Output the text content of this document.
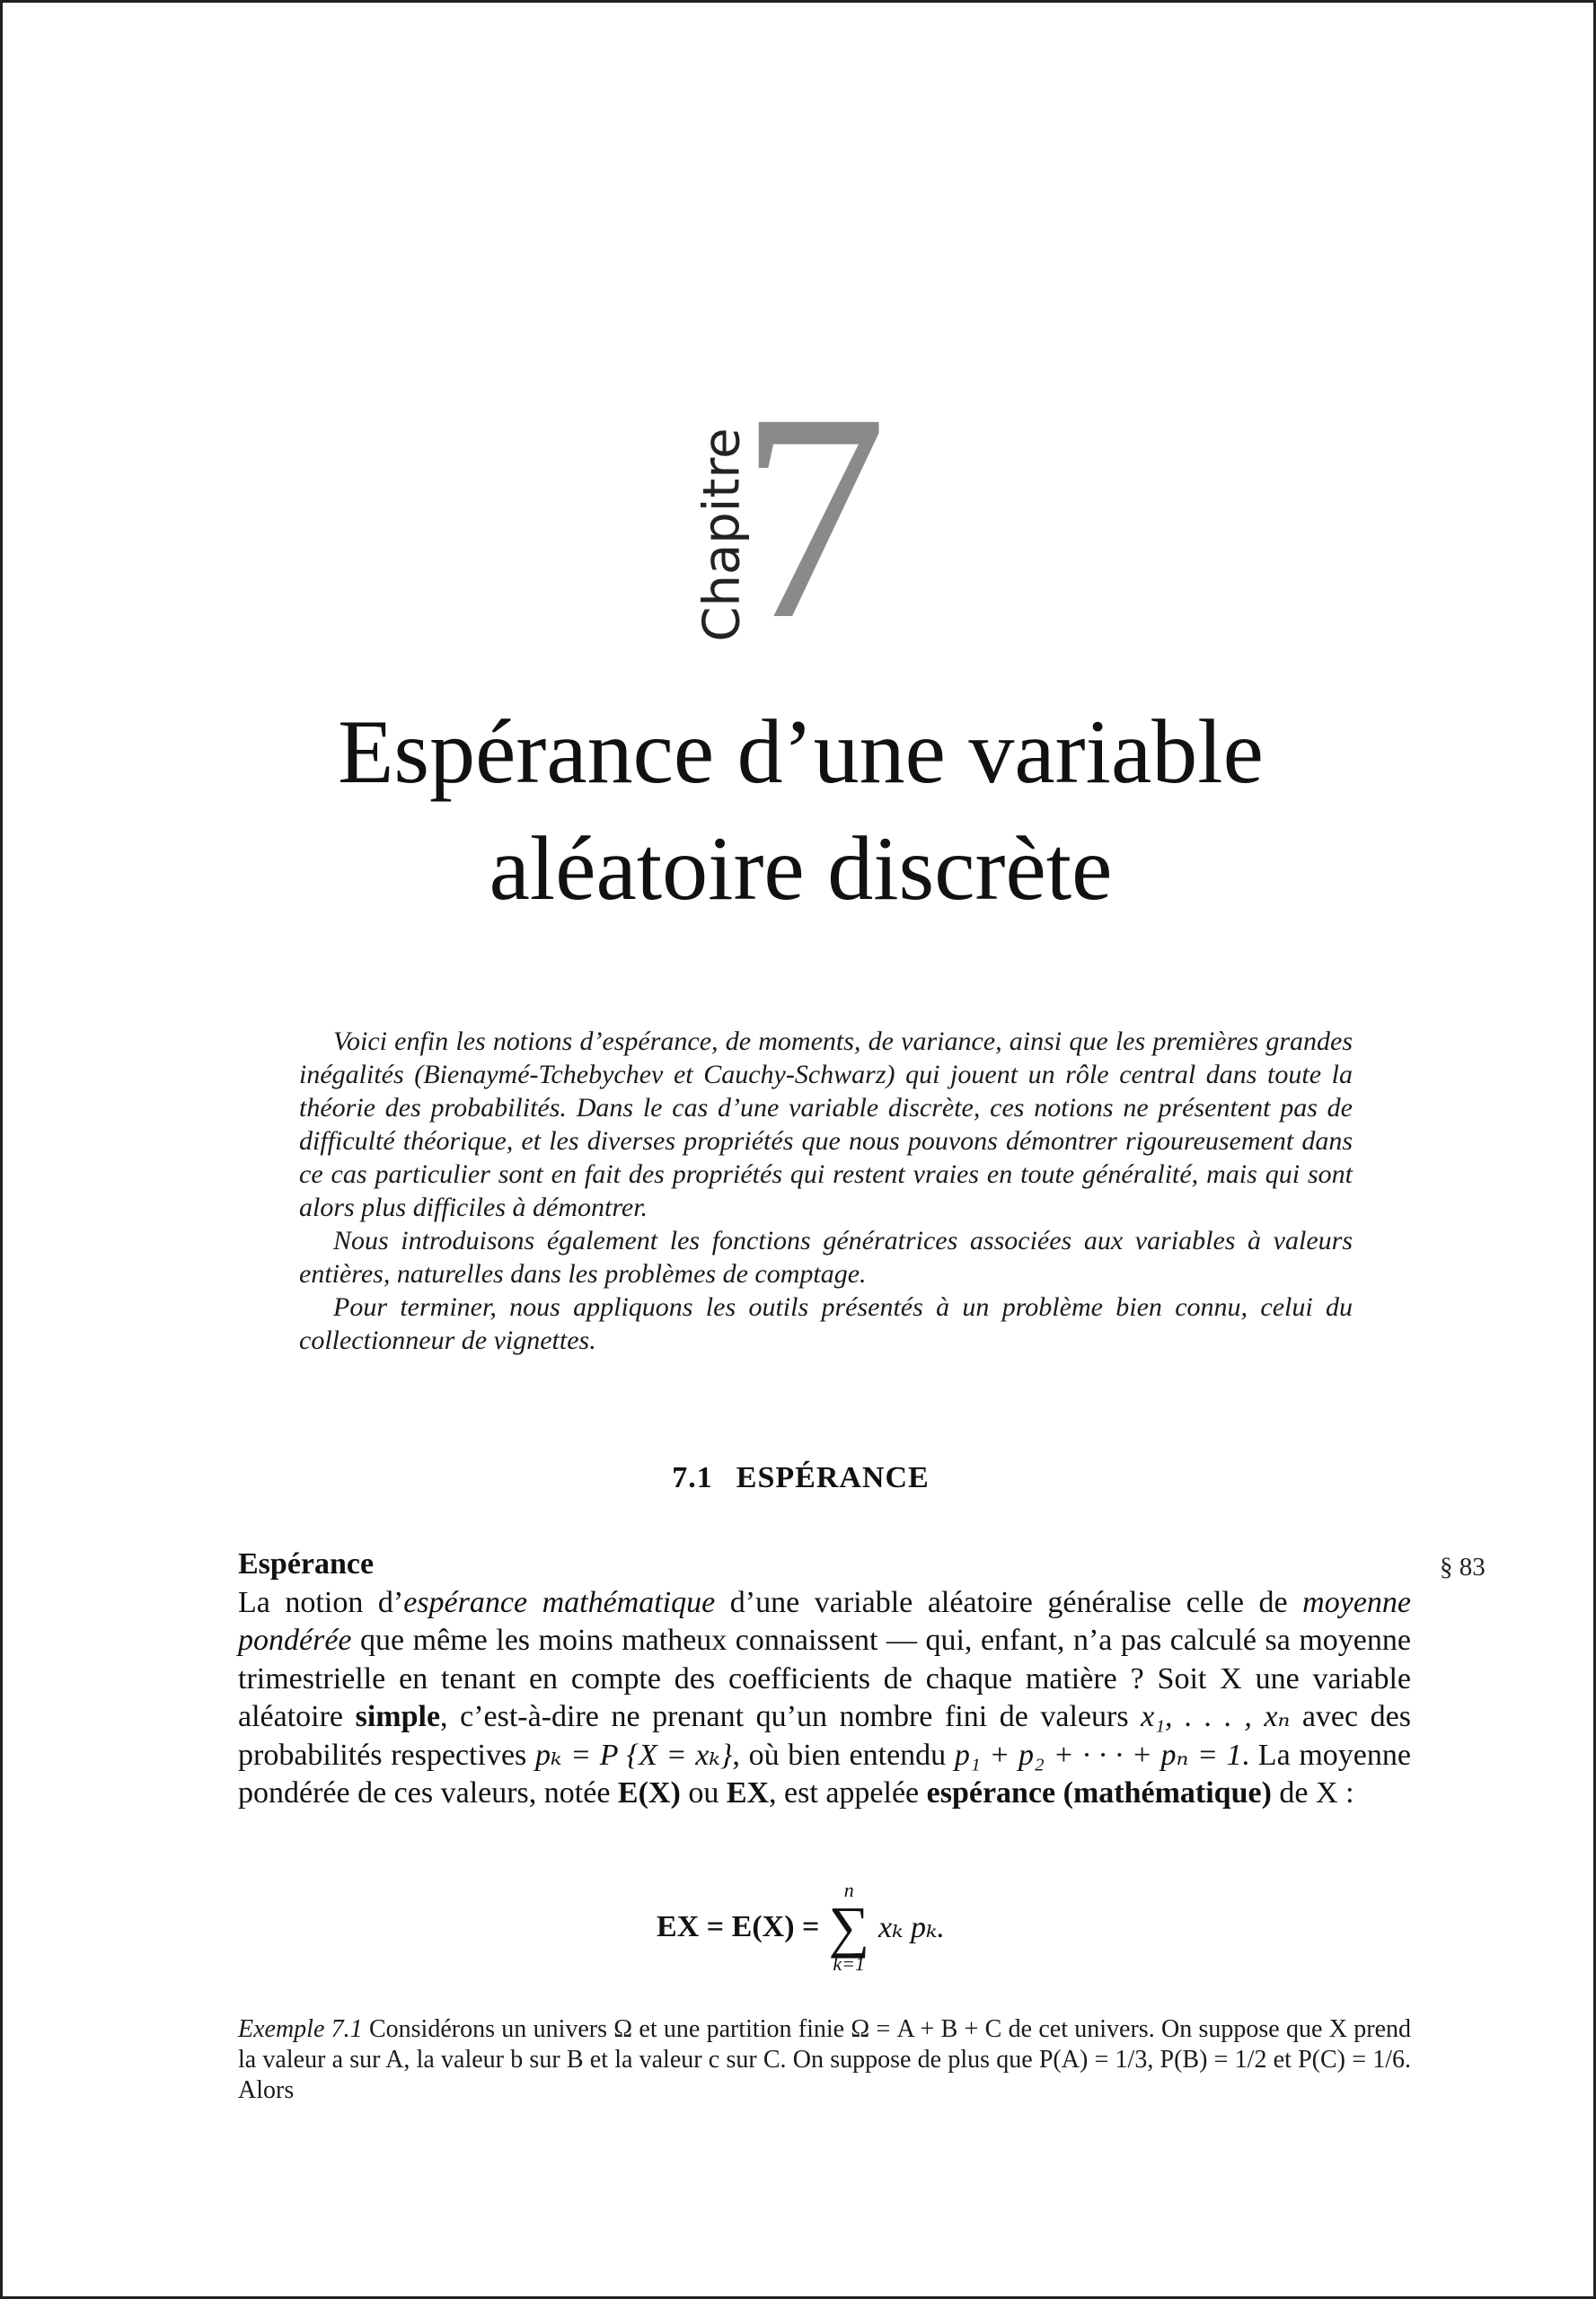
Chapitre
7
Espérance d’une variable
aléatoire discrète

Voici enfin les notions d’espérance, de moments, de variance, ainsi que les premières grandes inégalités (Bienaymé-Tchebychev et Cauchy-Schwarz) qui jouent un rôle central dans toute la théorie des probabilités. Dans le cas d’une variable discrète, ces notions ne présentent pas de difficulté théorique, et les diverses propriétés que nous pouvons démontrer rigoureusement dans ce cas particulier sont en fait des propriétés qui restent vraies en toute généralité, mais qui sont alors plus difficiles à démontrer.

Nous introduisons également les fonctions génératrices associées aux variables à valeurs entières, naturelles dans les problèmes de comptage.

Pour terminer, nous appliquons les outils présentés à un problème bien connu, celui du collectionneur de vignettes.

7.1 ESPÉRANCE
§ 83
Espérance

La notion d’espérance mathématique d’une variable aléatoire généralise celle de moyenne pondérée que même les moins matheux connaissent — qui, enfant, n’a pas calculé sa moyenne trimestrielle en tenant en compte des coefficients de chaque matière ? Soit X une variable aléatoire simple, c’est-à-dire ne prenant qu’un nombre fini de valeurs x₁, . . . , xₙ avec des probabilités respectives pₖ = P {X = xₖ}, où bien entendu p₁ + p₂ + · · · + pₙ = 1. La moyenne pondérée de ces valeurs, notée E(X) ou EX, est appelée espérance (mathématique) de X :

EX = E(X) =
n
∑
k=1
xₖ pₖ.
Exemple 7.1 Considérons un univers Ω et une partition finie Ω = A + B + C de cet univers. On suppose que X prend la valeur a sur A, la valeur b sur B et la valeur c sur C. On suppose de plus que P(A) = 1/3, P(B) = 1/2 et P(C) = 1/6. Alors
